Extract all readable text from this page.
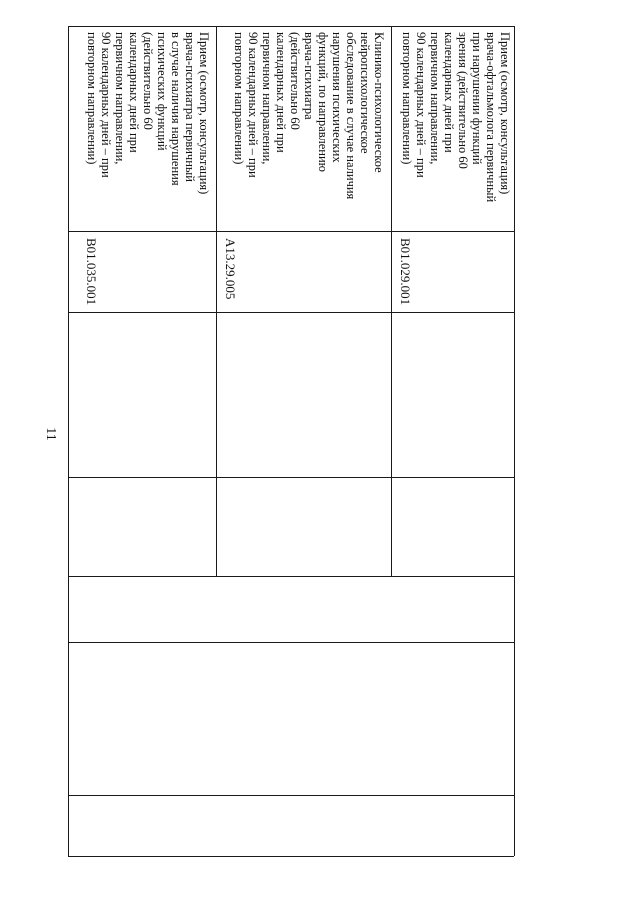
11
Прием (осмотр, консультация)
врача-психиатра первичный
в случае наличия нарушения
психических функций
(действительно 60
календарных дней при
первичном направлении,
90 календарных дней – при
повторном направлении)
B01.035.001
Клинико-психологическое
нейропсихологическое
обследование в случае наличия
нарушения психических
функций, по направлению
врача-психиатра
(действительно 60
календарных дней при
первичном направлении,
90 календарных дней – при
повторном направлении)
A13.29.005
Прием (осмотр, консультация)
врача-офтальмолога первичный
при нарушении функций
зрения (действительно 60
календарных дней при
первичном направлении,
90 календарных дней – при
повторном направлении)
B01.029.001
